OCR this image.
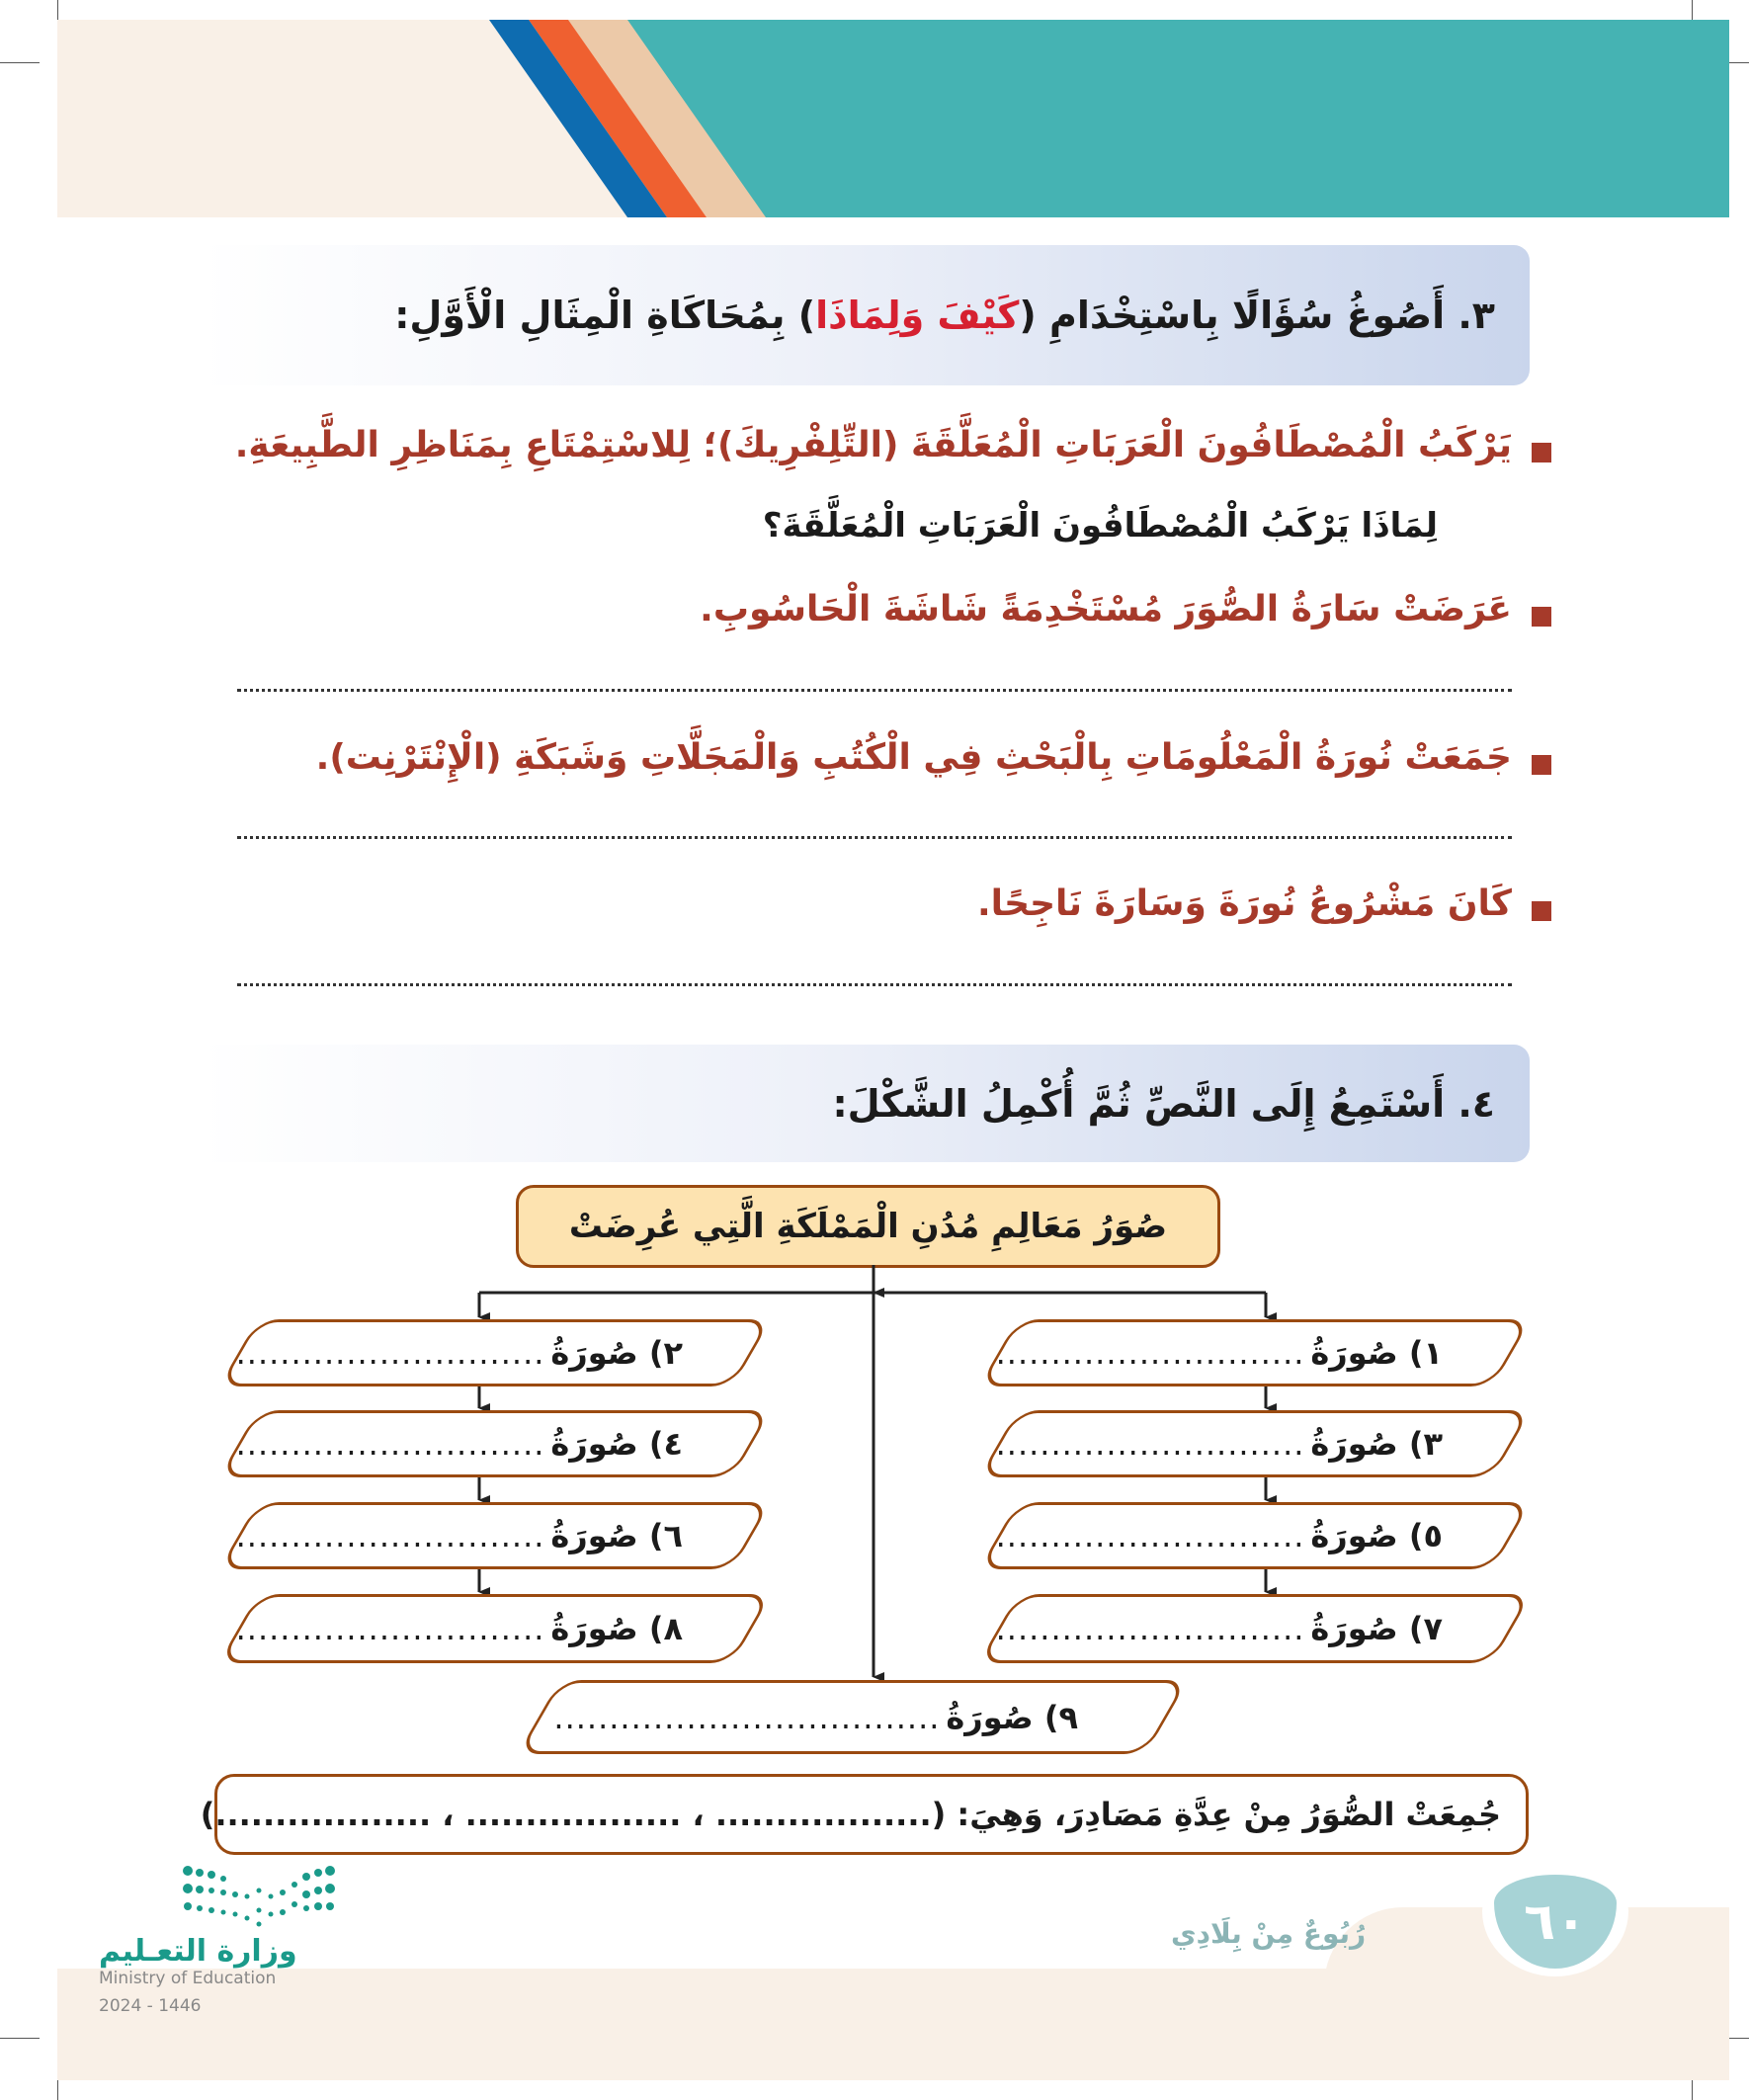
٣. أَصُوغُ سُؤَالًا بِاسْتِخْدَامِ (كَيْفَ وَلِمَاذَا) بِمُحَاكَاةِ الْمِثَالِ الْأَوَّلِ:
يَرْكَبُ الْمُصْطَافُونَ الْعَرَبَاتِ الْمُعَلَّقَةَ (التِّلِفْرِيكَ)؛ لِلاسْتِمْتَاعِ بِمَنَاظِرِ الطَّبِيعَةِ.
لِمَاذَا يَرْكَبُ الْمُصْطَافُونَ الْعَرَبَاتِ الْمُعَلَّقَةَ؟
عَرَضَتْ سَارَةُ الصُّوَرَ مُسْتَخْدِمَةً شَاشَةَ الْحَاسُوبِ.
جَمَعَتْ نُورَةُ الْمَعْلُومَاتِ بِالْبَحْثِ فِي الْكُتُبِ وَالْمَجَلَّاتِ وَشَبَكَةِ (الْإِنْتَرْنِت).
كَانَ مَشْرُوعُ نُورَةَ وَسَارَةَ نَاجِحًا.
٤. أَسْتَمِعُ إِلَى النَّصِّ ثُمَّ أُكْمِلُ الشَّكْلَ:
صُوَرُ مَعَالِمِ مُدُنِ الْمَمْلَكَةِ الَّتِي عُرِضَتْ
١) صُورَةُ
............................
٢) صُورَةُ
............................
٣) صُورَةُ
............................
٤) صُورَةُ
............................
٥) صُورَةُ
............................
٦) صُورَةُ
............................
٧) صُورَةُ
............................
٨) صُورَةُ
............................
٩) صُورَةُ
...................................
جُمِعَتْ الصُّوَرُ مِنْ عِدَّةِ مَصَادِرَ، وَهِيَ: (.................. ، .................. ، ..................)
٦٠
رُبُوعٌ مِنْ بِلَادِي
وزارة التعـليم
Ministry of Education
2024 - 1446
